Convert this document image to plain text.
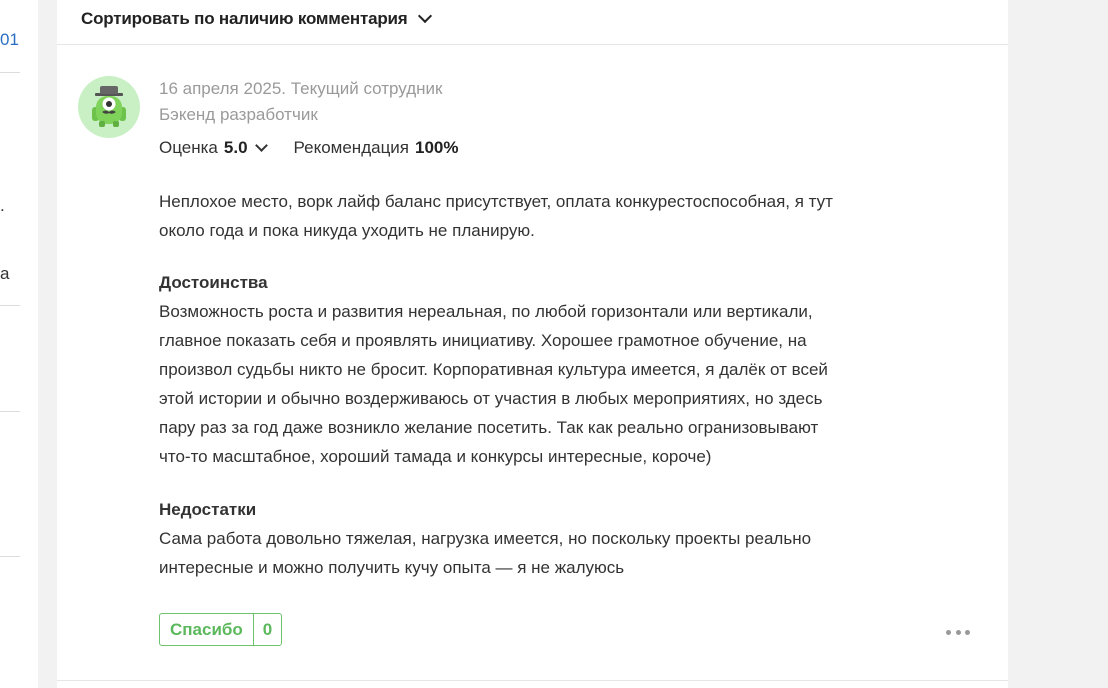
01
.
а
Сортировать по наличию комментария
16 апреля 2025. Текущий сотрудник
Бэкенд разработчик
Оценка 5.0	Рекомендация 100%
Неплохое место, ворк лайф баланс присутствует, оплата конкурестоспособная, я тут
около года и пока никуда уходить не планирую.
Достоинства
Возможность роста и развития нереальная, по любой горизонтали или вертикали,
главное показать себя и проявлять инициативу. Хорошее грамотное обучение, на
произвол судьбы никто не бросит. Корпоративная культура имеется, я далёк от всей
этой истории и обычно воздерживаюсь от участия в любых мероприятиях, но здесь
пару раз за год даже возникло желание посетить. Так как реально огранизовывают
что-то масштабное, хороший тамада и конкурсы интересные, короче)
Недостатки
Сама работа довольно тяжелая, нагрузка имеется, но поскольку проекты реально
интересные и можно получить кучу опыта — я не жалуюсь
Спасибо	0
